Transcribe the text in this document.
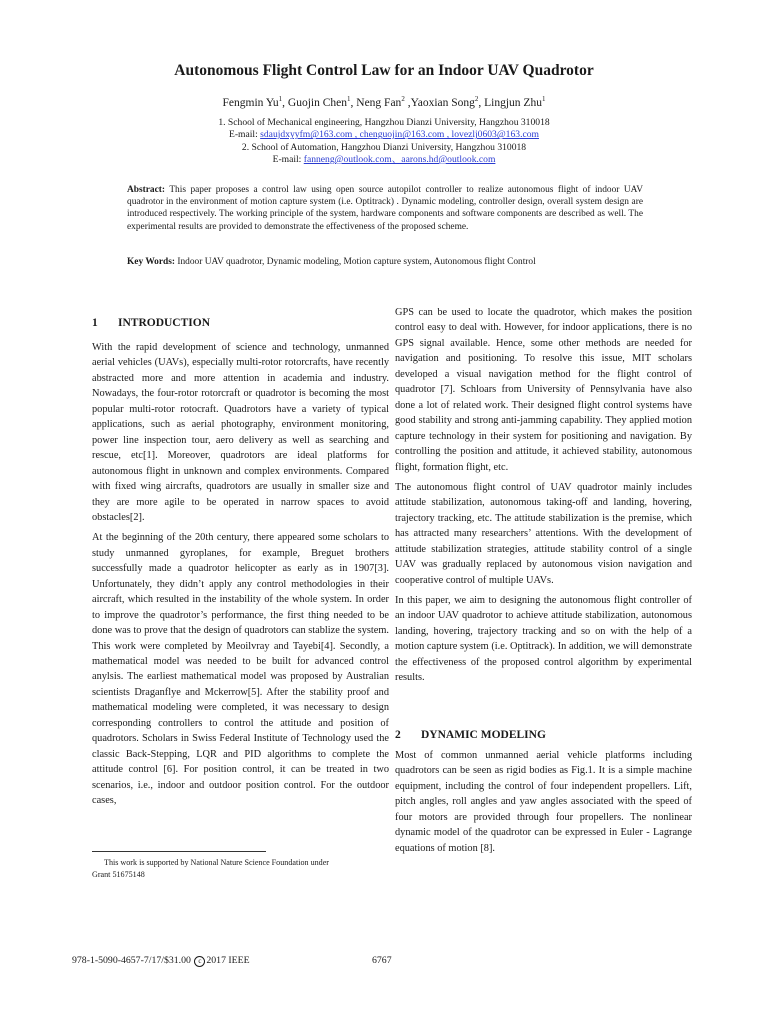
Autonomous Flight Control Law for an Indoor UAV Quadrotor
Fengmin Yu$^1$, Guojin Chen$^1$, Neng Fan$^2$ ,Yaoxian Song$^2$, Lingjun Zhu$^1$
1. School of Mechanical engineering, Hangzhou Dianzi University, Hangzhou 310018
E-mail: sdaujdxyyfm@163.com , chenguojin@163.com , lovezlj0603@163.com
2. School of Automation, Hangzhou Dianzi University, Hangzhou 310018
E-mail: fanneng@outlook.com、aarons.hd@outlook.com
Abstract: This paper proposes a control law using open source autopilot controller to realize autonomous flight of indoor UAV quadrotor in the environment of motion capture system (i.e. Optitrack) . Dynamic modeling, controller design, overall system design are introduced respectively. The working principle of the system, hardware components and software components are described as well. The experimental results are provided to demonstrate the effectiveness of the proposed scheme.
Key Words: Indoor UAV quadrotor, Dynamic modeling, Motion capture system, Autonomous flight Control
1 INTRODUCTION

With the rapid development of science and technology, unmanned aerial vehicles (UAVs), especially multi-rotor rotorcrafts, have recently abstracted more and more attention in academia and industry. Nowadays, the four-rotor rotorcraft or quadrotor is becoming the most popular multi-rotor rotocraft. Quadrotors have a variety of typical applications, such as aerial photography, environment monitoring, power line inspection tour, aero delivery as well as searching and rescue, etc[1]. Moreover, quadrotors are ideal platforms for autonomous flight in unknown and complex environments. Compared with fixed wing aircrafts, quadrotors are usually in smaller size and they are more agile to be operated in narrow spaces to avoid obstacles[2].

At the beginning of the 20th century, there appeared some scholars to study unmanned gyroplanes, for example, Breguet brothers successfully made a quadrotor helicopter as early as in 1907[3]. Unfortunately, they didn’t apply any control methodologies in their aircraft, which resulted in the instability of the whole system. In order to improve the quadrotor’s performance, the first thing needed to be done was to prove that the design of quadrotors can stablize the system. This work were completed by Meoilvray and Tayebi[4]. Secondly, a mathematical model was needed to be built for advanced control anylsis. The earliest mathematical model was proposed by Australian scientists Draganflye and Mckerrow[5]. After the stability proof and mathematical modeling were completed, it was necessary to design corresponding controllers to control the attitude and position of quadrotors. Scholars in Swiss Federal Institute of Technology used the classic Back-Stepping, LQR and PID algorithms to complete the attitude control [6]. For position control, it can be treated in two scenarios, i.e., indoor and outdoor position control. For the outdoor cases,

GPS can be used to locate the quadrotor, which makes the position control easy to deal with. However, for indoor applications, there is no GPS signal available. Hence, some other methods are needed for navigation and positioning. To resolve this issue, MIT scholars developed a visual navigation method for the flight control of quadrotor [7]. Schloars from University of Pennsylvania have also done a lot of related work. Their designed flight control systems have good stability and strong anti-jamming capability. They applied motion capture technology in their system for positioning and navigation. By controlling the position and attitude, it achieved stability, autonomous flight, formation flight, etc.

The autonomous flight control of UAV quadrotor mainly includes attitude stabilization, autonomous taking-off and landing, hovering, trajectory tracking, etc. The attitude stabilization is the premise, which has attracted many researchers’ attentions. With the development of attitude stabilization strategies, attitude stability control of a single UAV was gradually replaced by autonomous vision navigation and cooperative control of multiple UAVs.

In this paper, we aim to designing the autonomous flight controller of an indoor UAV quadrotor to achieve attitude stabilization, autonomous landing, hovering, trajectory tracking and so on with the help of a motion capture system (i.e. Optitrack). In addition, we will demonstrate the effectiveness of the proposed control algorithm by experimental results.

2 DYNAMIC MODELING

Most of common unmanned aerial vehicle platforms including quadrotors can be seen as rigid bodies as Fig.1. It is a simple machine equipment, including the control of four independent propellers. Lift, pitch angles, roll angles and yaw angles associated with the speed of four motors are provided through four propellers. The nonlinear dynamic model of the quadrotor can be expressed in Euler - Lagrange equations of motion [8].

This work is supported by National Nature Science Foundation under
Grant 51675148
978-1-5090-4657-7/17/$31.00 c 2017 IEEE	6767
